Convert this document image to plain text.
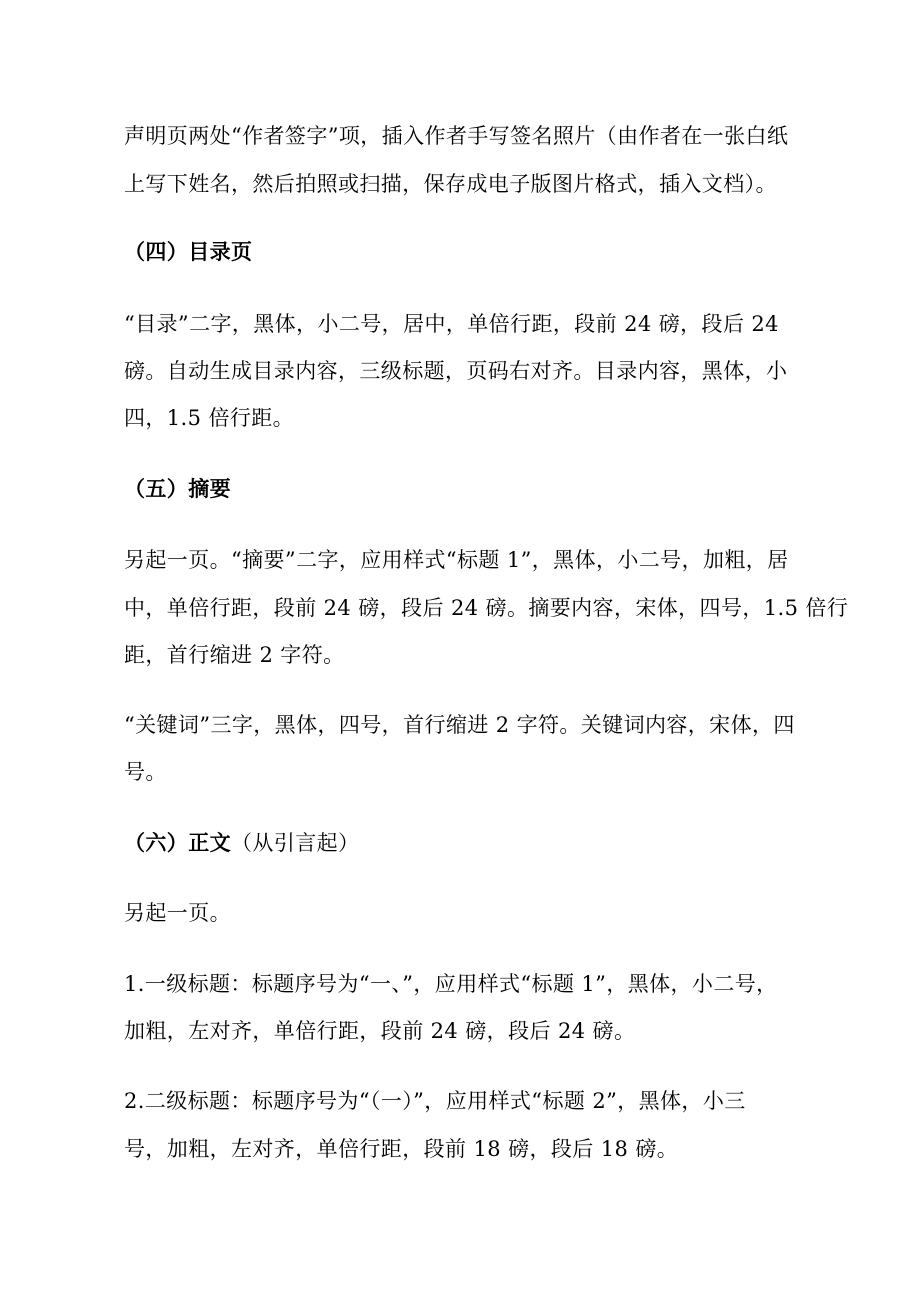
声明页两处“作者签字”项，插入作者手写签名照片（由作者在一张白纸
上写下姓名，然后拍照或扫描，保存成电子版图片格式，插入文档）。
（四）目录页
“目录”二字，黑体，小二号，居中，单倍行距，段前 24 磅，段后 24
磅。自动生成目录内容，三级标题，页码右对齐。目录内容，黑体，小
四，1.5 倍行距。
（五）摘要
另起一页。“摘要”二字，应用样式“标题 1”，黑体，小二号，加粗，居
中，单倍行距，段前 24 磅，段后 24 磅。摘要内容，宋体，四号，1.5 倍行
距，首行缩进 2 字符。
“关键词”三字，黑体，四号，首行缩进 2 字符。关键词内容，宋体，四
号。
（六）正文（从引言起）
另起一页。
1.一级标题：标题序号为“一、”，应用样式“标题 1”，黑体，小二号，
加粗，左对齐，单倍行距，段前 24 磅，段后 24 磅。
2.二级标题：标题序号为“（一）”，应用样式“标题 2”，黑体，小三
号，加粗，左对齐，单倍行距，段前 18 磅，段后 18 磅。
